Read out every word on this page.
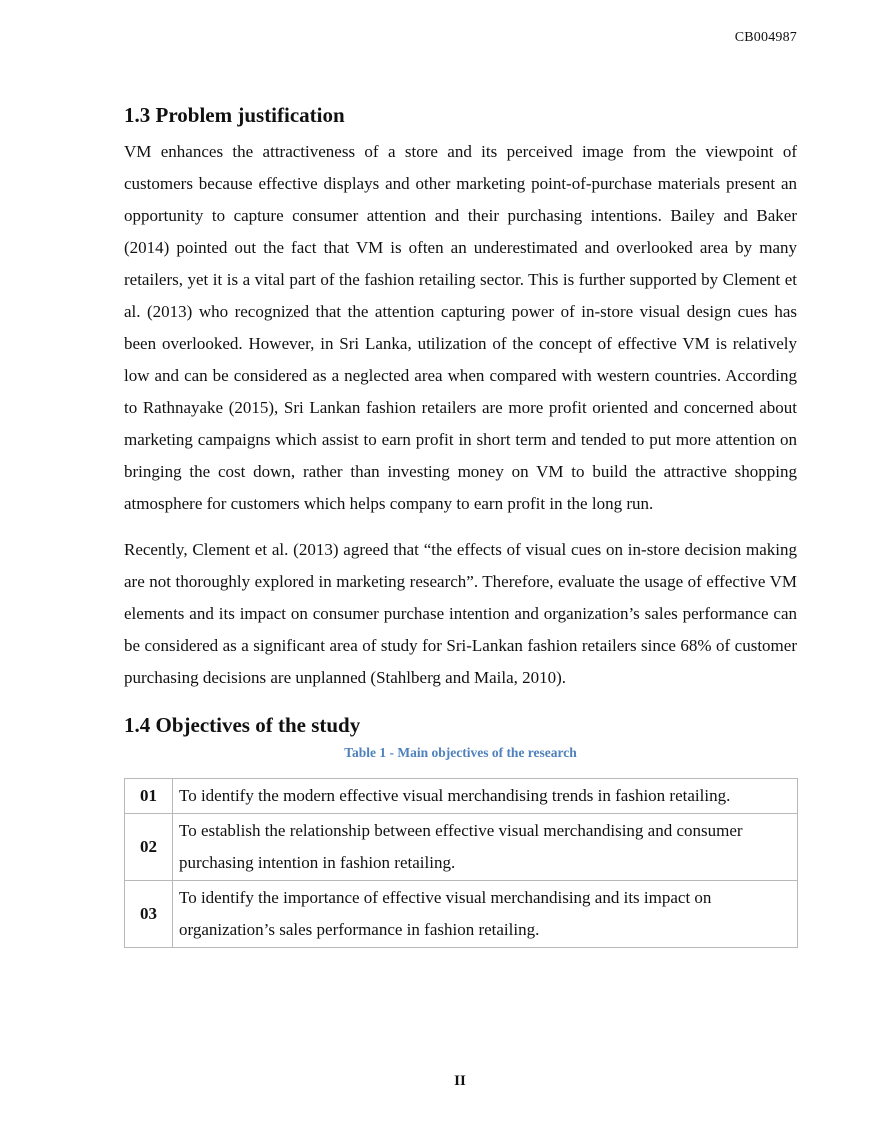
CB004987
1.3 Problem justification

VM enhances the attractiveness of a store and its perceived image from the viewpoint of customers because effective displays and other marketing point-of-purchase materials present an opportunity to capture consumer attention and their purchasing intentions. Bailey and Baker (2014) pointed out the fact that VM is often an underestimated and overlooked area by many retailers, yet it is a vital part of the fashion retailing sector. This is further supported by Clement et al. (2013) who recognized that the attention capturing power of in-store visual design cues has been overlooked. However, in Sri Lanka, utilization of the concept of effective VM is relatively low and can be considered as a neglected area when compared with western countries. According to Rathnayake (2015), Sri Lankan fashion retailers are more profit oriented and concerned about marketing campaigns which assist to earn profit in short term and tended to put more attention on bringing the cost down, rather than investing money on VM to build the attractive shopping atmosphere for customers which helps company to earn profit in the long run.

Recently, Clement et al. (2013) agreed that “the effects of visual cues on in-store decision making are not thoroughly explored in marketing research”. Therefore, evaluate the usage of effective VM elements and its impact on consumer purchase intention and organization’s sales performance can be considered as a significant area of study for Sri-Lankan fashion retailers since 68% of customer purchasing decisions are unplanned (Stahlberg and Maila, 2010).

1.4 Objectives of the study
Table 1 - Main objectives of the research
01	To identify the modern effective visual merchandising trends in fashion retailing.
02	To establish the relationship between effective visual merchandising and consumer purchasing intention in fashion retailing.
03	To identify the importance of effective visual merchandising and its impact on organization’s sales performance in fashion retailing.
II
